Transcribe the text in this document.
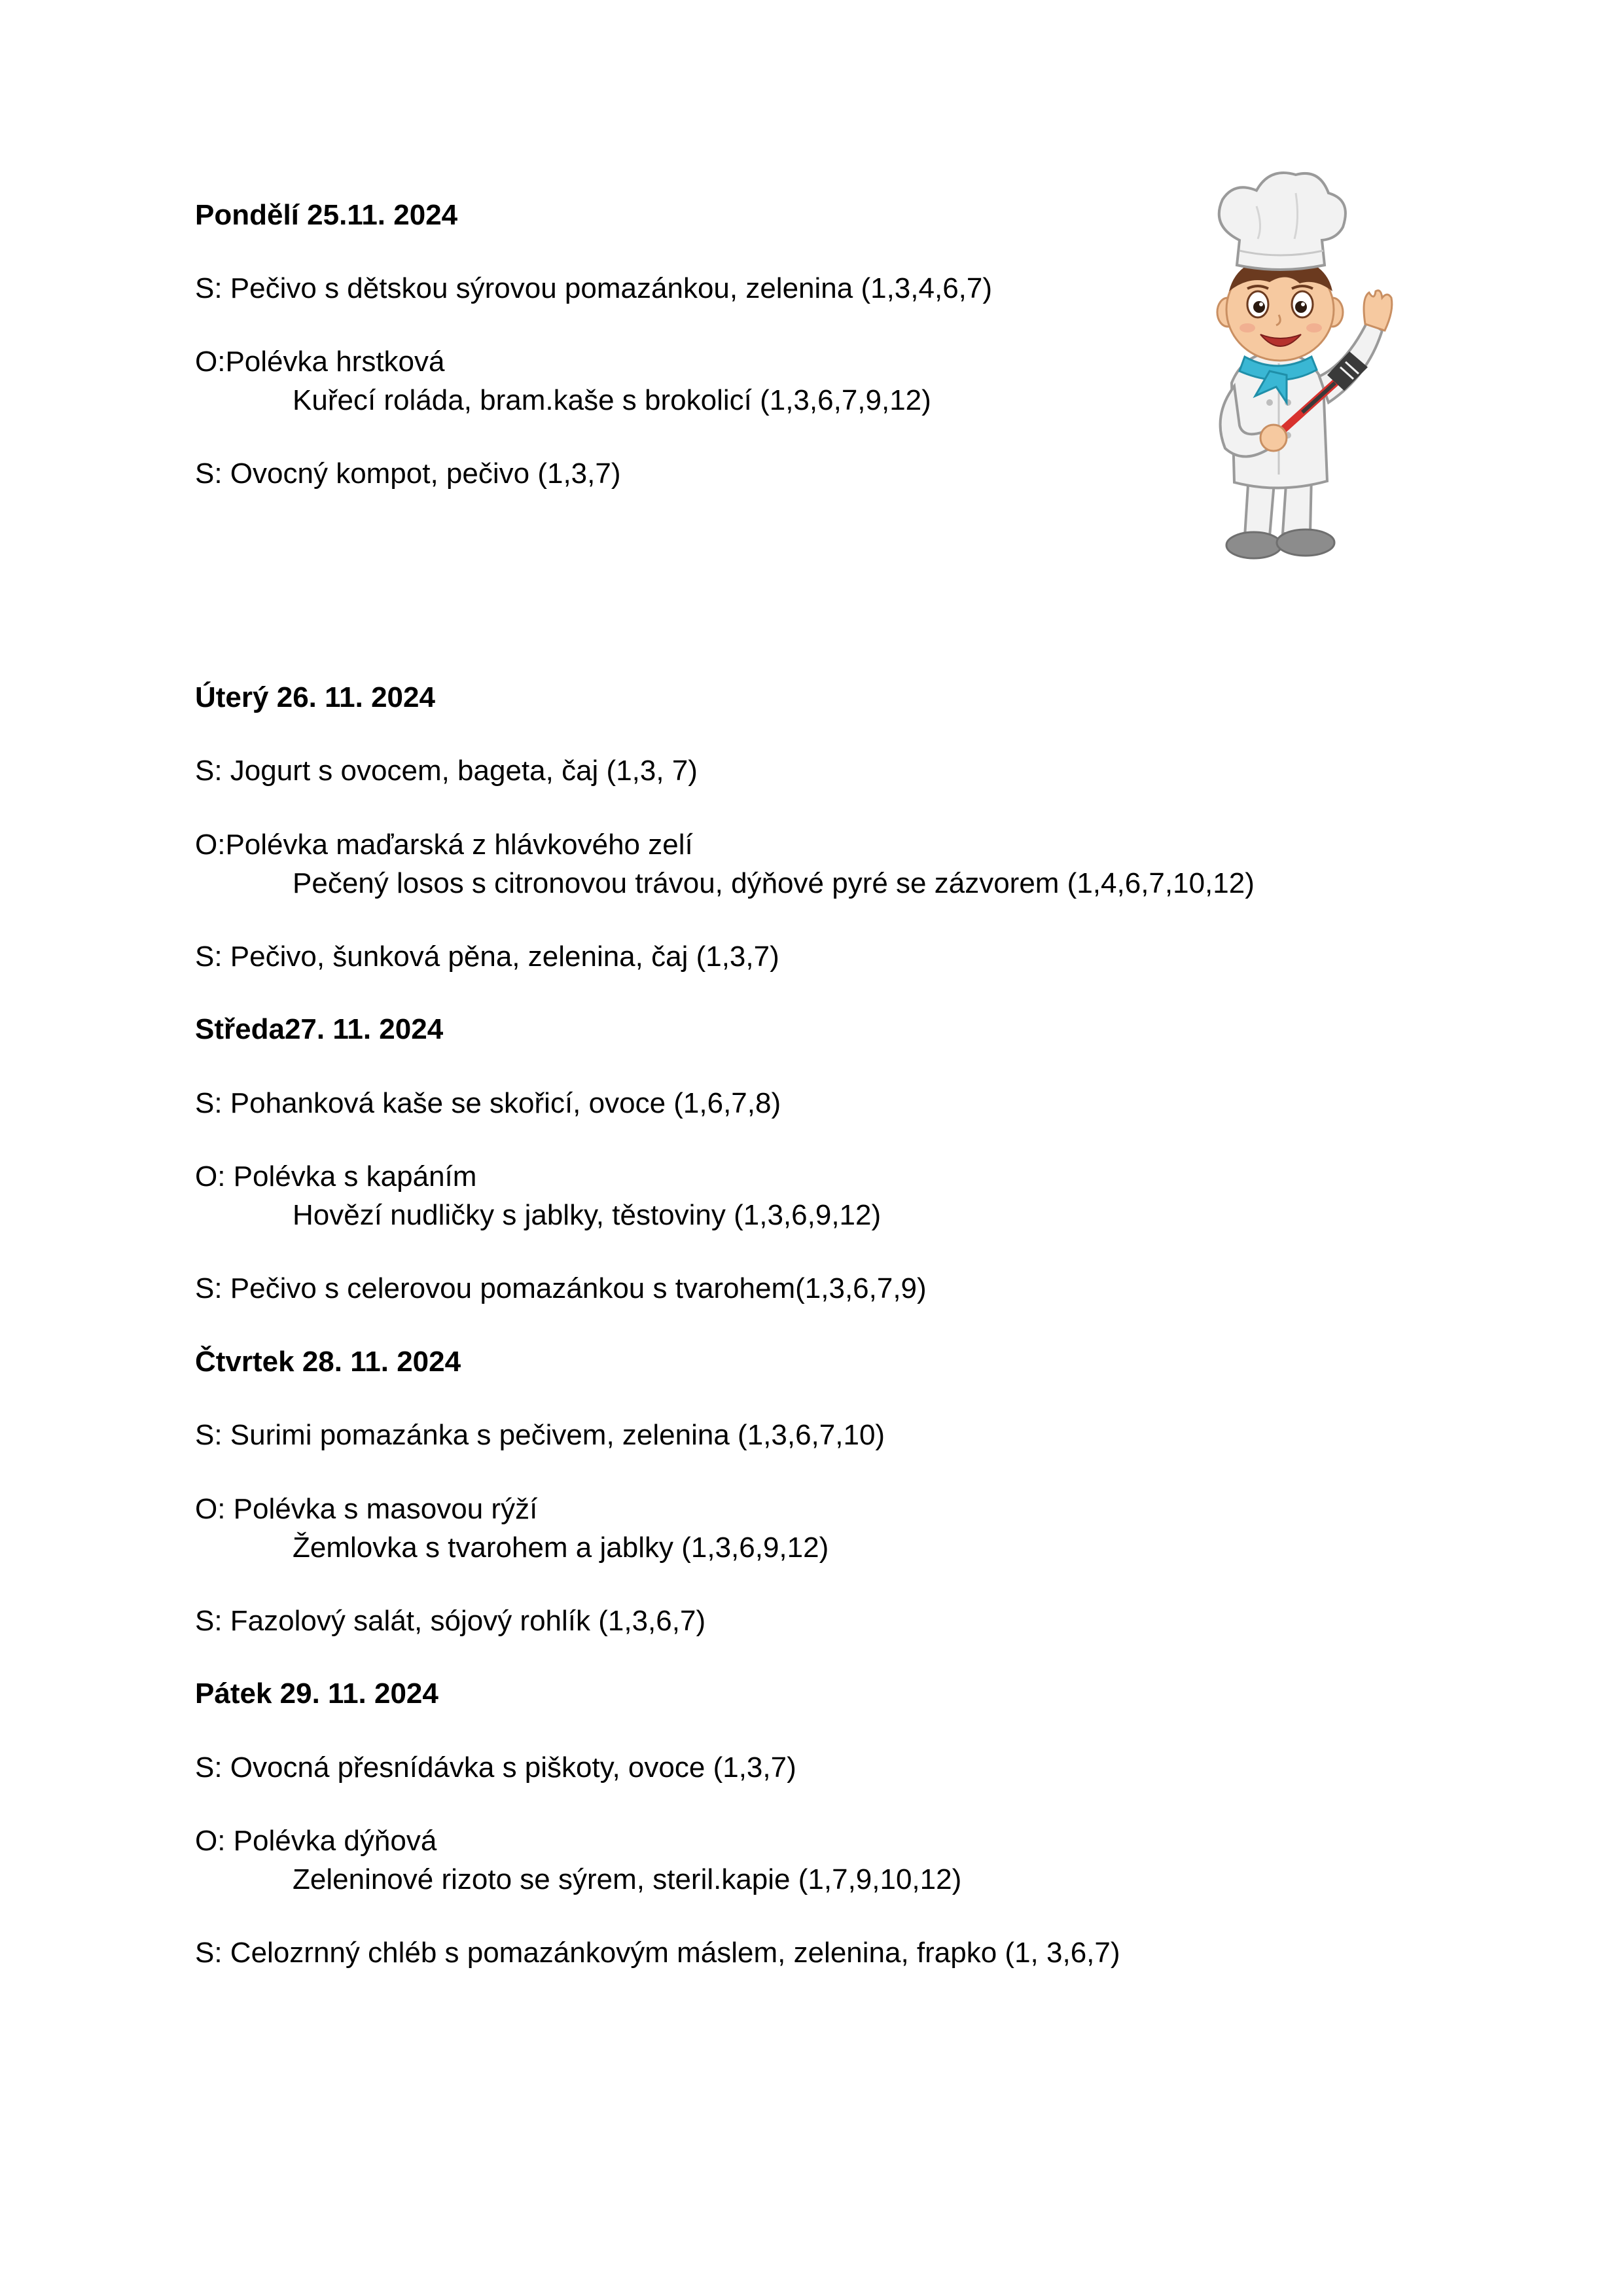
Pondělí 25.11. 2024
S: Pečivo s dětskou sýrovou pomazánkou, zelenina (1,3,4,6,7)
O:Polévka hrstková
Kuřecí roláda, bram.kaše s brokolicí (1,3,6,7,9,12)
S: Ovocný kompot, pečivo (1,3,7)
Úterý 26. 11. 2024
S: Jogurt s ovocem, bageta, čaj (1,3, 7)
O:Polévka maďarská z hlávkového zelí
Pečený losos s citronovou trávou, dýňové pyré se zázvorem (1,4,6,7,10,12)
S: Pečivo, šunková pěna, zelenina, čaj (1,3,7)
Středa27. 11. 2024
S: Pohanková kaše se skořicí, ovoce (1,6,7,8)
O: Polévka s kapáním
Hovězí nudličky s jablky, těstoviny (1,3,6,9,12)
S: Pečivo s celerovou pomazánkou s tvarohem(1,3,6,7,9)
Čtvrtek 28. 11. 2024
S: Surimi pomazánka s pečivem, zelenina (1,3,6,7,10)
O: Polévka s masovou rýží
Žemlovka s tvarohem a jablky (1,3,6,9,12)
S: Fazolový salát, sójový rohlík (1,3,6,7)
Pátek 29. 11. 2024
S: Ovocná přesnídávka s piškoty, ovoce (1,3,7)
O: Polévka dýňová
Zeleninové rizoto se sýrem, steril.kapie (1,7,9,10,12)
S: Celozrnný chléb s pomazánkovým máslem, zelenina, frapko (1, 3,6,7)
